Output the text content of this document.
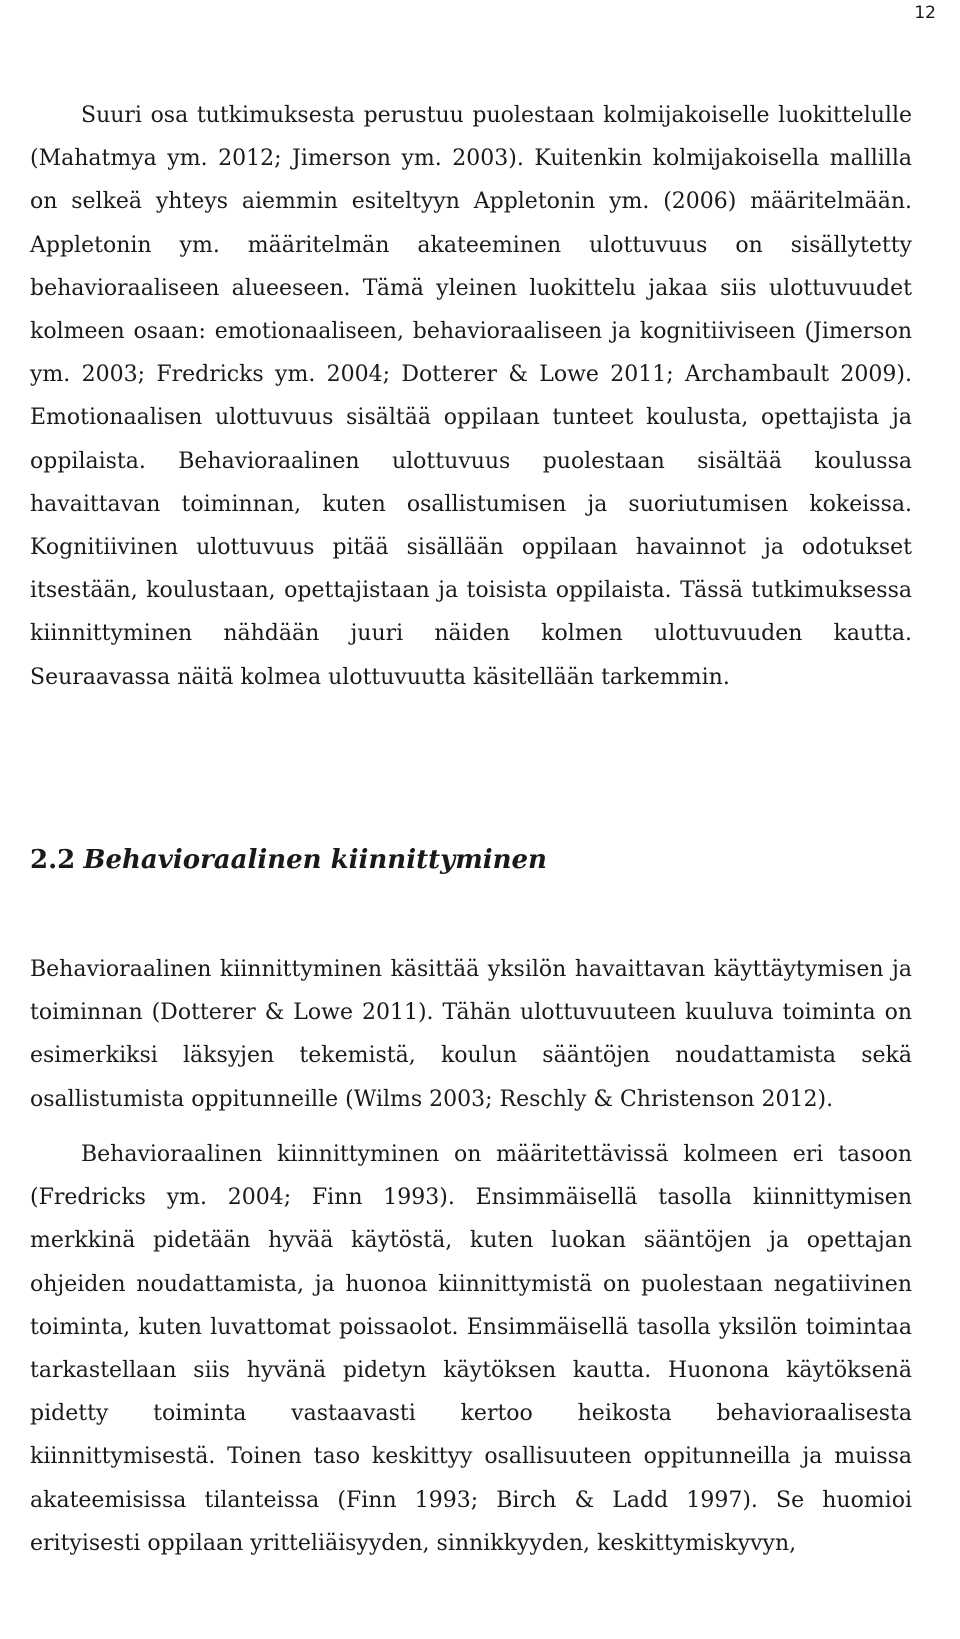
12

Suuri osa tutkimuksesta perustuu puolestaan kolmijakoiselle luokittelulle (Mahatmya ym. 2012; Jimerson ym. 2003). Kuitenkin kolmijakoisella mallilla on selkeä yhteys aiemmin esiteltyyn Appletonin ym. (2006) määritelmään. Appletonin ym. määritelmän akateeminen ulottuvuus on sisällytetty behavioraaliseen alueeseen. Tämä yleinen luokittelu jakaa siis ulottuvuudet kolmeen osaan: emotionaaliseen, behavioraaliseen ja kognitiiviseen (Jimerson ym. 2003; Fredricks ym. 2004; Dotterer & Lowe 2011; Archambault 2009). Emotionaalisen ulottuvuus sisältää oppilaan tunteet koulusta, opettajista ja oppilaista. Behavioraalinen ulottuvuus puolestaan sisältää koulussa havaittavan toiminnan, kuten osallistumisen ja suoriutumisen kokeissa. Kognitiivinen ulottuvuus pitää sisällään oppilaan havainnot ja odotukset itsestään, koulustaan, opettajistaan ja toisista oppilaista. Tässä tutkimuksessa kiinnittyminen nähdään juuri näiden kolmen ulottuvuuden kautta. Seuraavassa näitä kolmea ulottuvuutta käsitellään tarkemmin.

2.2 Behavioraalinen kiinnittyminen

Behavioraalinen kiinnittyminen käsittää yksilön havaittavan käyttäytymisen ja toiminnan (Dotterer & Lowe 2011). Tähän ulottuvuuteen kuuluva toiminta on esimerkiksi läksyjen tekemistä, koulun sääntöjen noudattamista sekä osallistumista oppitunneille (Wilms 2003; Reschly & Christenson 2012).

Behavioraalinen kiinnittyminen on määritettävissä kolmeen eri tasoon (Fredricks ym. 2004; Finn 1993). Ensimmäisellä tasolla kiinnittymisen merkkinä pidetään hyvää käytöstä, kuten luokan sääntöjen ja opettajan ohjeiden noudattamista, ja huonoa kiinnittymistä on puolestaan negatiivinen toiminta, kuten luvattomat poissaolot. Ensimmäisellä tasolla yksilön toimintaa tarkastellaan siis hyvänä pidetyn käytöksen kautta. Huonona käytöksenä pidetty toiminta vastaavasti kertoo heikosta behavioraalisesta kiinnittymisestä. Toinen taso keskittyy osallisuuteen oppitunneilla ja muissa akateemisissa tilanteissa (Finn 1993; Birch & Ladd 1997). Se huomioi erityisesti oppilaan yritteliäisyyden, sinnikkyyden, keskittymiskyvyn,
